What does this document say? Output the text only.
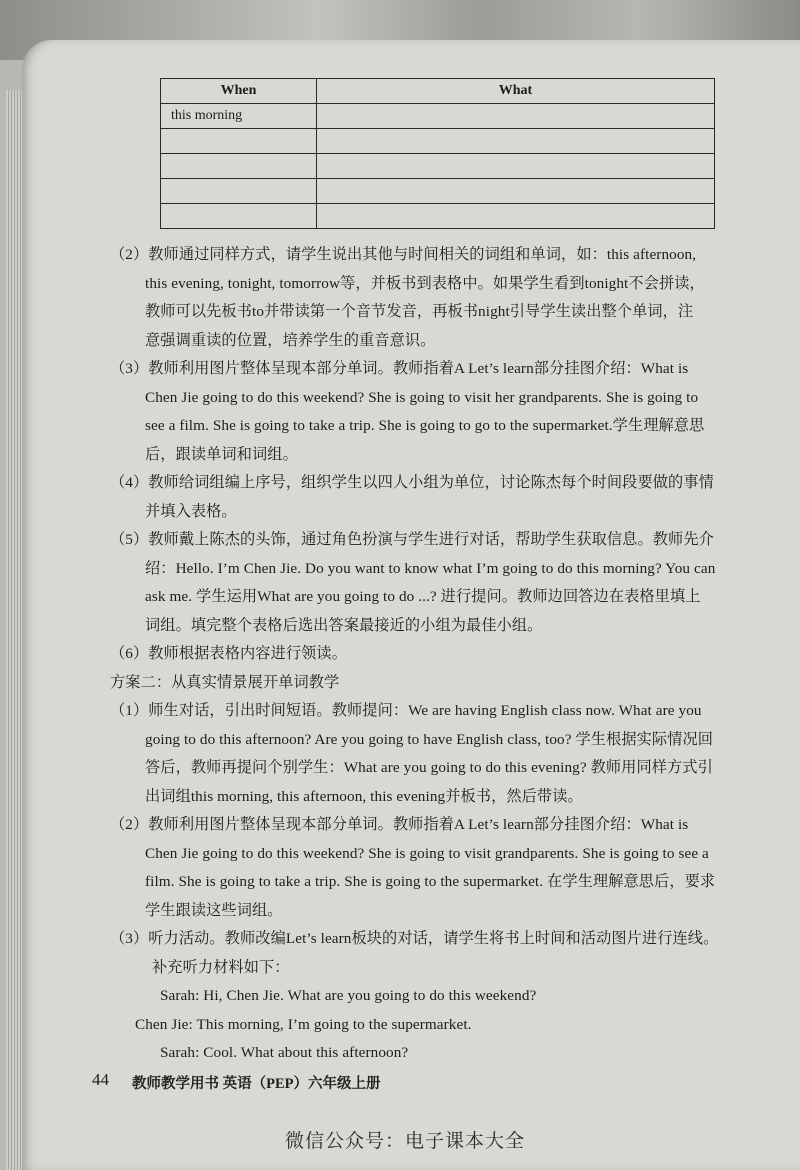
When	What
this morning	

（2）教师通过同样方式，请学生说出其他与时间相关的词组和单词，如：this afternoon,
this evening, tonight, tomorrow等，并板书到表格中。如果学生看到tonight不会拼读，
教师可以先板书to并带读第一个音节发音，再板书night引导学生读出整个单词，注
意强调重读的位置，培养学生的重音意识。
（3）教师利用图片整体呈现本部分单词。教师指着A Let’s learn部分挂图介绍：What is
Chen Jie going to do this weekend? She is going to visit her grandparents. She is going to
see a film. She is going to take a trip. She is going to go to the supermarket.学生理解意思
后，跟读单词和词组。
（4）教师给词组编上序号，组织学生以四人小组为单位，讨论陈杰每个时间段要做的事情
并填入表格。
（5）教师戴上陈杰的头饰，通过角色扮演与学生进行对话，帮助学生获取信息。教师先介
绍：Hello. I’m Chen Jie. Do you want to know what I’m going to do this morning? You can
ask me. 学生运用What are you going to do ...? 进行提问。教师边回答边在表格里填上
词组。填完整个表格后选出答案最接近的小组为最佳小组。
（6）教师根据表格内容进行领读。
方案二：从真实情景展开单词教学
（1）师生对话，引出时间短语。教师提问：We are having English class now. What are you
going to do this afternoon? Are you going to have English class, too? 学生根据实际情况回
答后，教师再提问个别学生：What are you going to do this evening? 教师用同样方式引
出词组this morning, this afternoon, this evening并板书，然后带读。
（2）教师利用图片整体呈现本部分单词。教师指着A Let’s learn部分挂图介绍：What is
Chen Jie going to do this weekend? She is going to visit grandparents. She is going to see a
film. She is going to take a trip. She is going to the supermarket. 在学生理解意思后，要求
学生跟读这些词组。
（3）听力活动。教师改编Let’s learn板块的对话，请学生将书上时间和活动图片进行连线。
补充听力材料如下：
Sarah: Hi, Chen Jie. What are you going to do this weekend?
Chen Jie: This morning, I’m going to the supermarket.
Sarah: Cool. What about this afternoon?
44 教师教学用书 英语（PEP）六年级上册
微信公众号：电子课本大全
